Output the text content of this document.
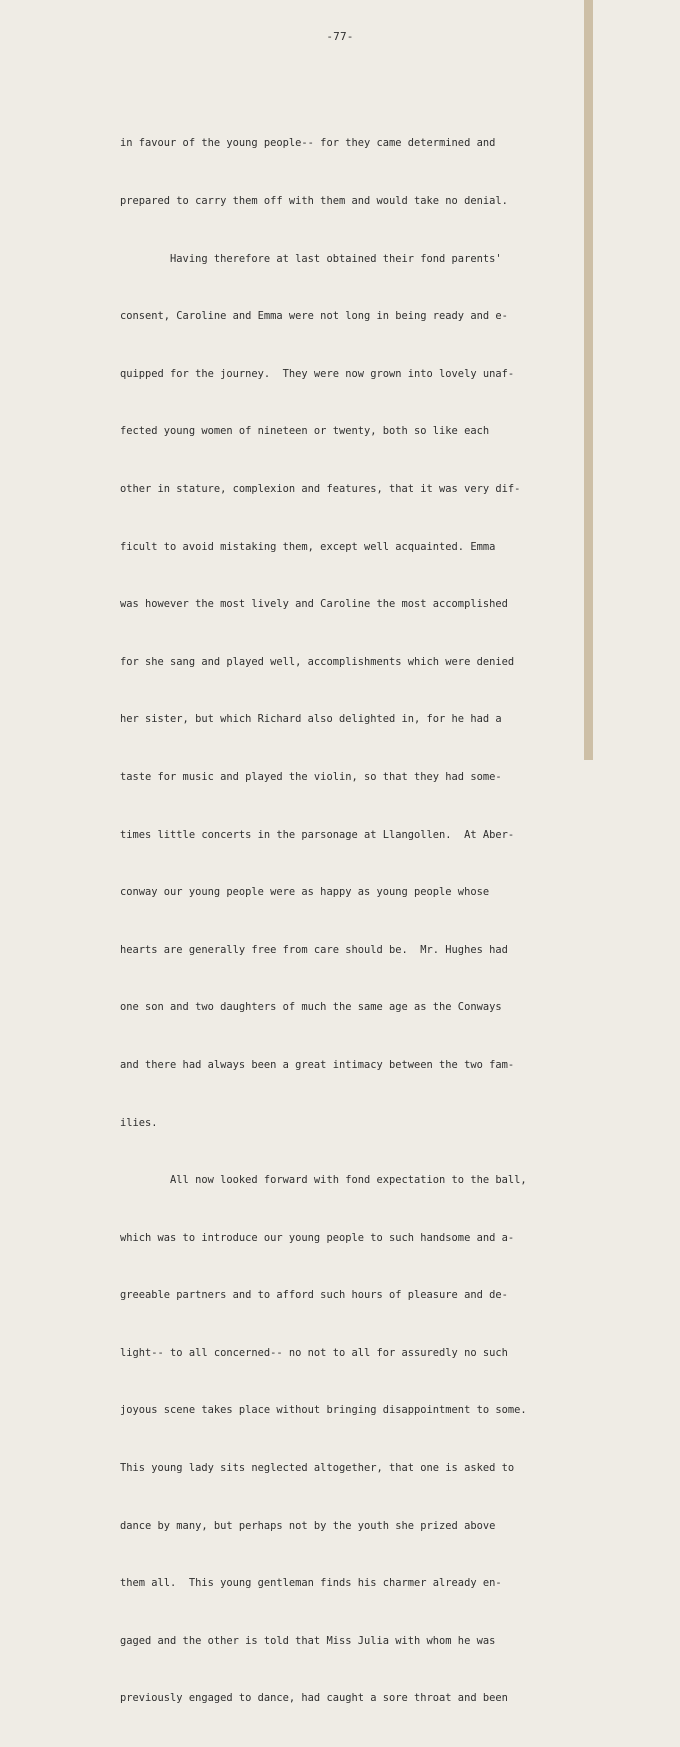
-77-

in favour of the young people-- for they came determined and

prepared to carry them off with them and would take no denial.

Having therefore at last obtained their fond parents'

consent, Caroline and Emma were not long in being ready and e-

quipped for the journey.  They were now grown into lovely unaf-

fected young women of nineteen or twenty, both so like each

other in stature, complexion and features, that it was very dif-

ficult to avoid mistaking them, except well acquainted. Emma

was however the most lively and Caroline the most accomplished

for she sang and played well, accomplishments which were denied

her sister, but which Richard also delighted in, for he had a

taste for music and played the violin, so that they had some-

times little concerts in the parsonage at Llangollen.  At Aber-

conway our young people were as happy as young people whose

hearts are generally free from care should be.  Mr. Hughes had

one son and two daughters of much the same age as the Conways

and there had always been a great intimacy between the two fam-

ilies.

All now looked forward with fond expectation to the ball,

which was to introduce our young people to such handsome and a-

greeable partners and to afford such hours of pleasure and de-

light-- to all concerned-- no not to all for assuredly no such

joyous scene takes place without bringing disappointment to some.

This young lady sits neglected altogether, that one is asked to

dance by many, but perhaps not by the youth she prized above

them all.  This young gentleman finds his charmer already en-

gaged and the other is told that Miss Julia with whom he was

previously engaged to dance, had caught a sore throat and been
